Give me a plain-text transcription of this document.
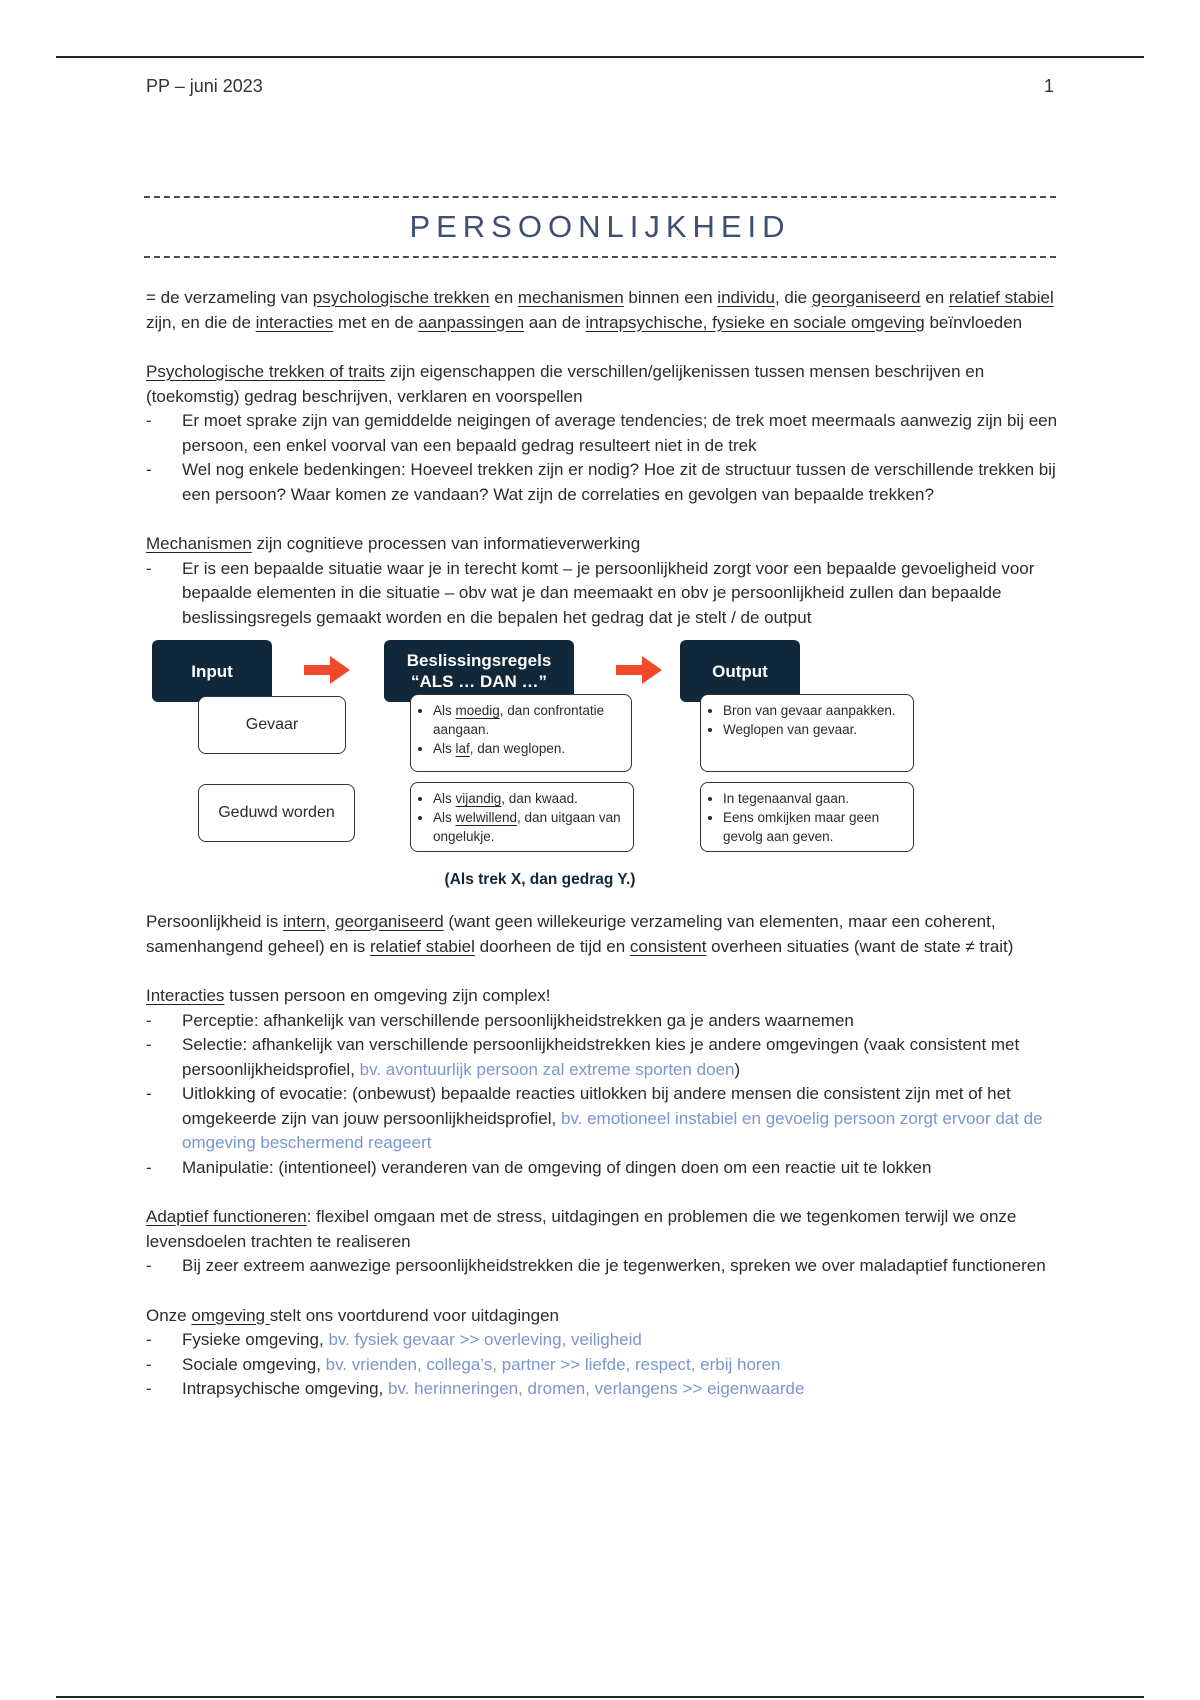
PP – juni 2023	1
PERSOONLIJKHEID

= de verzameling van psychologische trekken en mechanismen binnen een individu, die georganiseerd en relatief stabiel zijn, en die de interacties met en de aanpassingen aan de intrapsychische, fysieke en sociale omgeving beïnvloeden

Psychologische trekken of traits zijn eigenschappen die verschillen/gelijkenissen tussen mensen beschrijven en (toekomstig) gedrag beschrijven, verklaren en voorspellen

- Er moet sprake zijn van gemiddelde neigingen of average tendencies; de trek moet meermaals aanwezig zijn bij een persoon, een enkel voorval van een bepaald gedrag resulteert niet in de trek
- Wel nog enkele bedenkingen: Hoeveel trekken zijn er nodig? Hoe zit de structuur tussen de verschillende trekken bij een persoon? Waar komen ze vandaan? Wat zijn de correlaties en gevolgen van bepaalde trekken?

Mechanismen zijn cognitieve processen van informatieverwerking

- Er is een bepaalde situatie waar je in terecht komt – je persoonlijkheid zorgt voor een bepaalde gevoeligheid voor bepaalde elementen in die situatie – obv wat je dan meemaakt en obv je persoonlijkheid zullen dan bepaalde beslissingsregels gemaakt worden en die bepalen het gedrag dat je stelt / de output
Input
Beslissingsregels
“ALS … DAN …”
Output
Gevaar
Geduwd worden
• Als moedig, dan confrontatie aangaan.
• Als laf, dan weglopen.
• Als vijandig, dan kwaad.
• Als welwillend, dan uitgaan van ongelukje.
• Bron van gevaar aanpakken.
• Weglopen van gevaar.
• In tegenaanval gaan.
• Eens omkijken maar geen gevolg aan geven.
(Als trek X, dan gedrag Y.)

Persoonlijkheid is intern, georganiseerd (want geen willekeurige verzameling van elementen, maar een coherent, samenhangend geheel) en is relatief stabiel doorheen de tijd en consistent overheen situaties (want de state ≠ trait)

Interacties tussen persoon en omgeving zijn complex!

- Perceptie: afhankelijk van verschillende persoonlijkheidstrekken ga je anders waarnemen
- Selectie: afhankelijk van verschillende persoonlijkheidstrekken kies je andere omgevingen (vaak consistent met persoonlijkheidsprofiel, bv. avontuurlijk persoon zal extreme sporten doen)
- Uitlokking of evocatie: (onbewust) bepaalde reacties uitlokken bij andere mensen die consistent zijn met of het omgekeerde zijn van jouw persoonlijkheidsprofiel, bv. emotioneel instabiel en gevoelig persoon zorgt ervoor dat de omgeving beschermend reageert
- Manipulatie: (intentioneel) veranderen van de omgeving of dingen doen om een reactie uit te lokken

Adaptief functioneren: flexibel omgaan met de stress, uitdagingen en problemen die we tegenkomen terwijl we onze levensdoelen trachten te realiseren

- Bij zeer extreem aanwezige persoonlijkheidstrekken die je tegenwerken, spreken we over maladaptief functioneren

Onze omgeving stelt ons voortdurend voor uitdagingen

- Fysieke omgeving, bv. fysiek gevaar >> overleving, veiligheid
- Sociale omgeving, bv. vrienden, collega’s, partner >> liefde, respect, erbij horen
- Intrapsychische omgeving, bv. herinneringen, dromen, verlangens >> eigenwaarde
